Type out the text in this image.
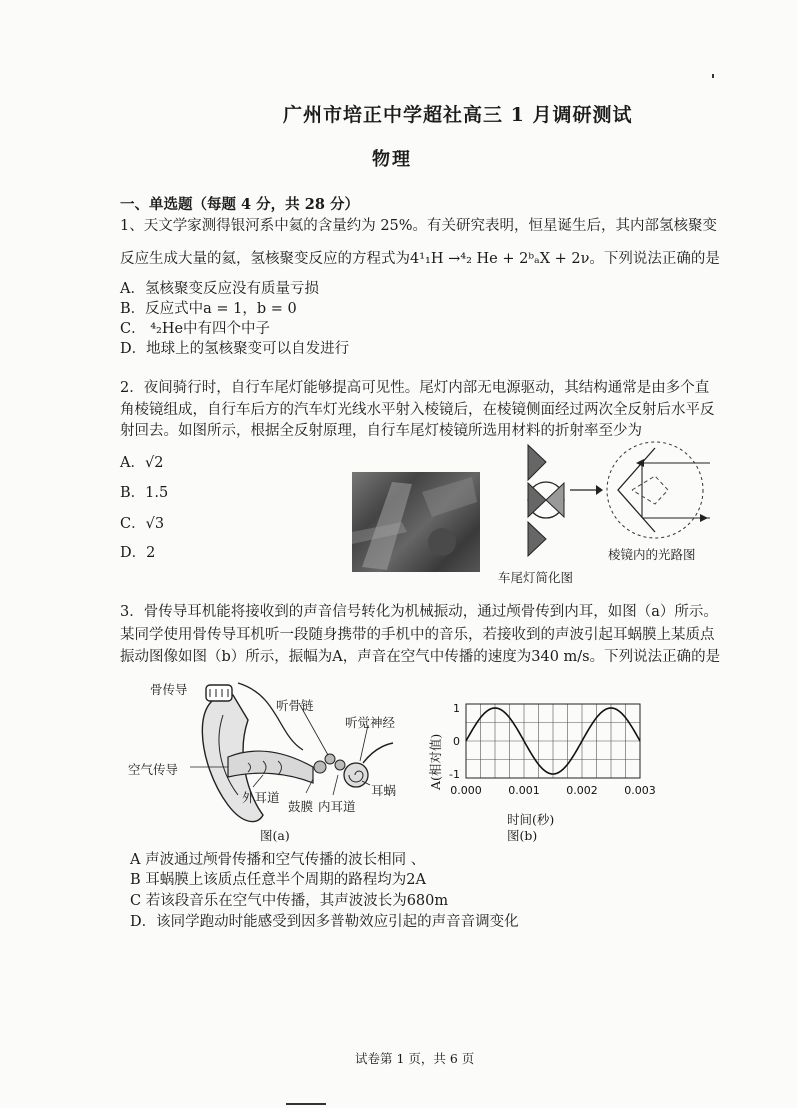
广州市培正中学超社高三 1 月调研测试
物理
一、单选题（每题 4 分，共 28 分）
1、天文学家测得银河系中氦的含量约为 25%。有关研究表明，恒星诞生后，其内部氢核聚变
反应生成大量的氦，氢核聚变反应的方程式为4¹₁H →⁴₂ He + 2ᵇₐX + 2ν。下列说法正确的是
A．氢核聚变反应没有质量亏损
B．反应式中a = 1，b = 0
C． ⁴₂He中有四个中子
D．地球上的氢核聚变可以自发进行
2．夜间骑行时，自行车尾灯能够提高可见性。尾灯内部无电源驱动，其结构通常是由多个直
角棱镜组成，自行车后方的汽车灯光线水平射入棱镜后，在棱镜侧面经过两次全反射后水平反
射回去。如图所示，根据全反射原理，自行车尾灯棱镜所选用材料的折射率至少为
A．√2
B．1.5
C．√3
D．2
车尾灯简化图
棱镜内的光路图
3．骨传导耳机能将接收到的声音信号转化为机械振动，通过颅骨传到内耳，如图（a）所示。
某同学使用骨传导耳机听一段随身携带的手机中的音乐，若接收到的声波引起耳蜗膜上某质点
振动图像如图（b）所示，振幅为A，声音在空气中传播的速度为340 m/s。下列说法正确的是
骨传导
听骨链
听觉神经
空气传导
外耳道
鼓膜 内耳道
耳蜗
图(a)
0.000 0.001 0.002 0.003
1
0
-1
时间(秒)
A(相对值)
图(b)
A 声波通过颅骨传播和空气传播的波长相同 、
B 耳蜗膜上该质点任意半个周期的路程均为2A
C 若该段音乐在空气中传播，其声波波长为680m
D．该同学跑动时能感受到因多普勒效应引起的声音音调变化
试卷第 1 页，共 6 页
